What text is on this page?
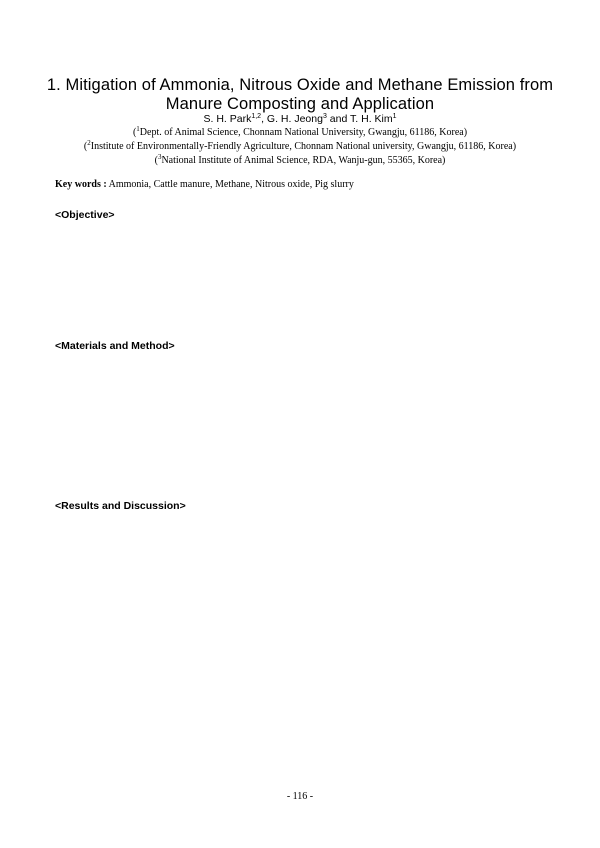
1. Mitigation of Ammonia, Nitrous Oxide and Methane Emission from
Manure Composting and Application
S. H. Park$^{1,2}$, G. H. Jeong$^3$ and T. H. Kim$^1$
($^1$Dept. of Animal Science, Chonnam National University, Gwangju, 61186, Korea)
($^2$Institute of Environmentally-Friendly Agriculture, Chonnam National university, Gwangju, 61186, Korea)
($^3$National Institute of Animal Science, RDA, Wanju-gun, 55365, Korea)
Key words : Ammonia, Cattle manure, Methane, Nitrous oxide, Pig slurry
<Objective>

<Materials and Method>

<Results and Discussion>

- 116 -
